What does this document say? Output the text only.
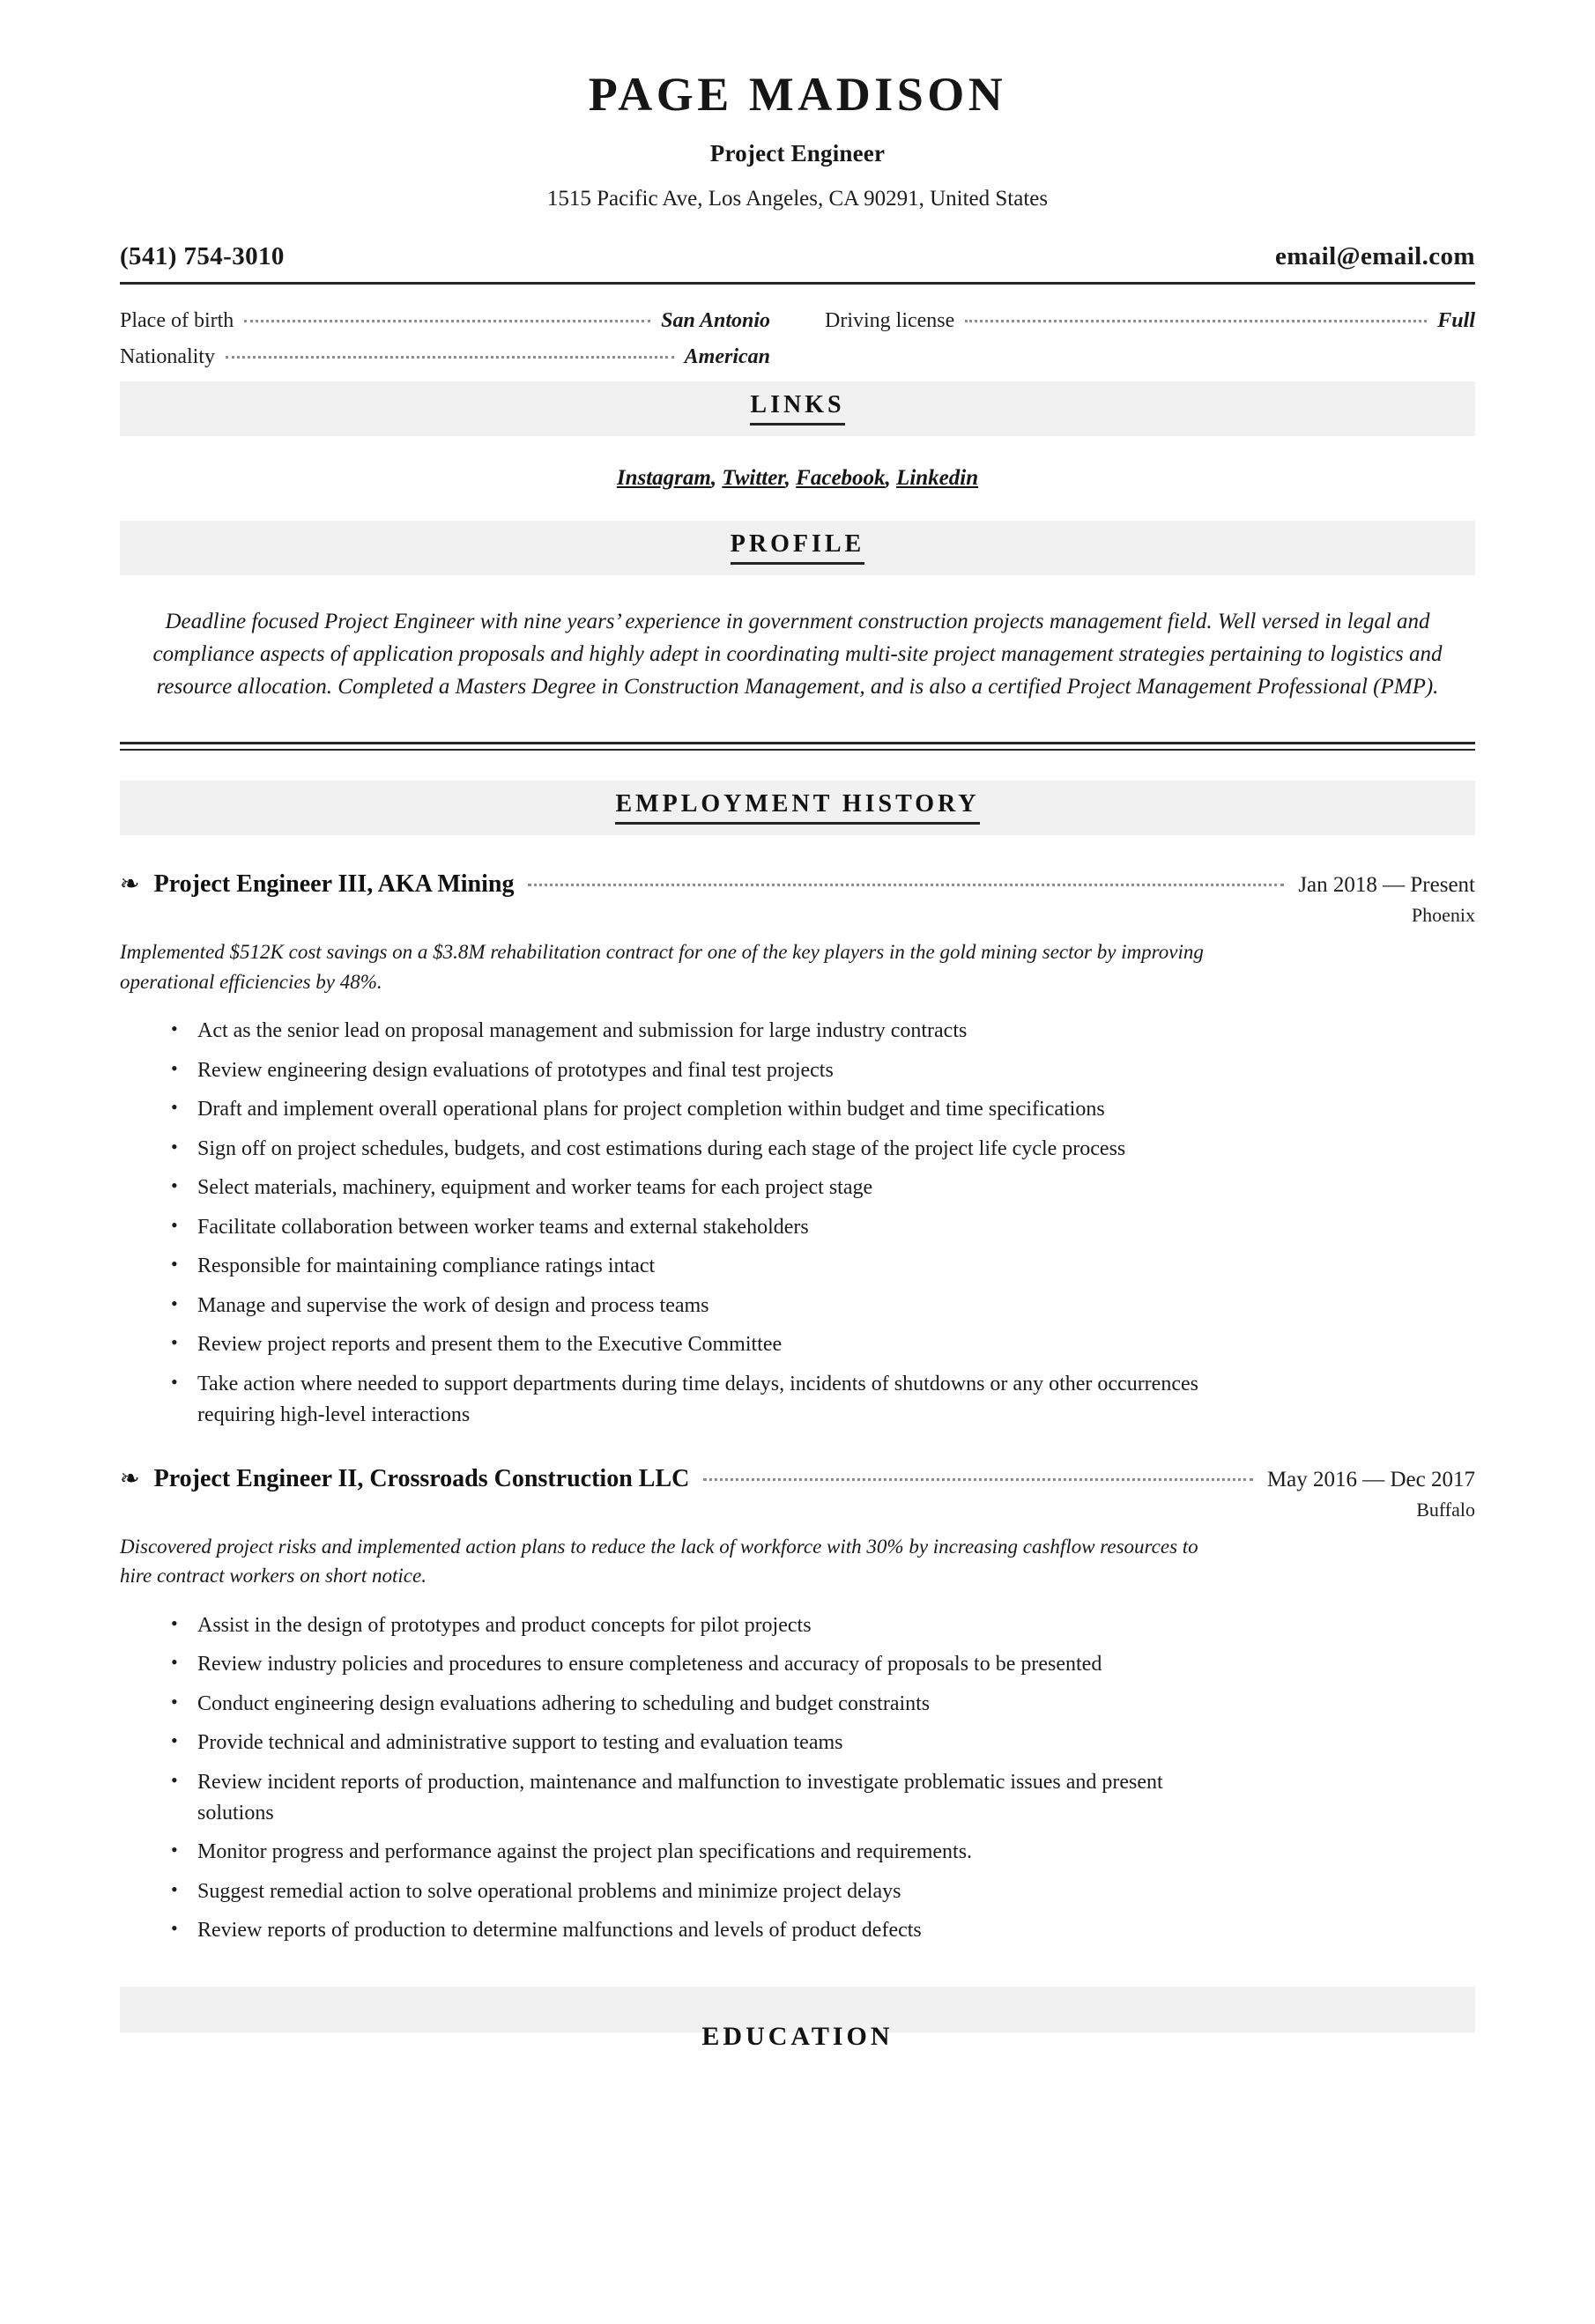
PAGE MADISON
Project Engineer
1515 Pacific Ave, Los Angeles, CA 90291, United States
(541) 754-3010	email@email.com
Place of birth	San Antonio
Nationality	American
Driving license	Full
LINKS
Instagram, Twitter, Facebook, Linkedin
PROFILE
Deadline focused Project Engineer with nine years’ experience in government construction projects management field. Well versed in legal and compliance aspects of application proposals and highly adept in coordinating multi-site project management strategies pertaining to logistics and resource allocation. Completed a Masters Degree in Construction Management, and is also a certified Project Management Professional (PMP).
EMPLOYMENT HISTORY
❧ Project Engineer III, AKA Mining	Jan 2018 — Present
Phoenix
Implemented $512K cost savings on a $3.8M rehabilitation contract for one of the key players in the gold mining sector by improving operational efficiencies by 48%.
• Act as the senior lead on proposal management and submission for large industry contracts
• Review engineering design evaluations of prototypes and final test projects
• Draft and implement overall operational plans for project completion within budget and time specifications
• Sign off on project schedules, budgets, and cost estimations during each stage of the project life cycle process
• Select materials, machinery, equipment and worker teams for each project stage
• Facilitate collaboration between worker teams and external stakeholders
• Responsible for maintaining compliance ratings intact
• Manage and supervise the work of design and process teams
• Review project reports and present them to the Executive Committee
• Take action where needed to support departments during time delays, incidents of shutdowns or any other occurrences requiring high-level interactions
❧ Project Engineer II, Crossroads Construction LLC	May 2016 — Dec 2017
Buffalo
Discovered project risks and implemented action plans to reduce the lack of workforce with 30% by increasing cashflow resources to hire contract workers on short notice.
• Assist in the design of prototypes and product concepts for pilot projects
• Review industry policies and procedures to ensure completeness and accuracy of proposals to be presented
• Conduct engineering design evaluations adhering to scheduling and budget constraints
• Provide technical and administrative support to testing and evaluation teams
• Review incident reports of production, maintenance and malfunction to investigate problematic issues and present solutions
• Monitor progress and performance against the project plan specifications and requirements.
• Suggest remedial action to solve operational problems and minimize project delays
• Review reports of production to determine malfunctions and levels of product defects
EDUCATION
